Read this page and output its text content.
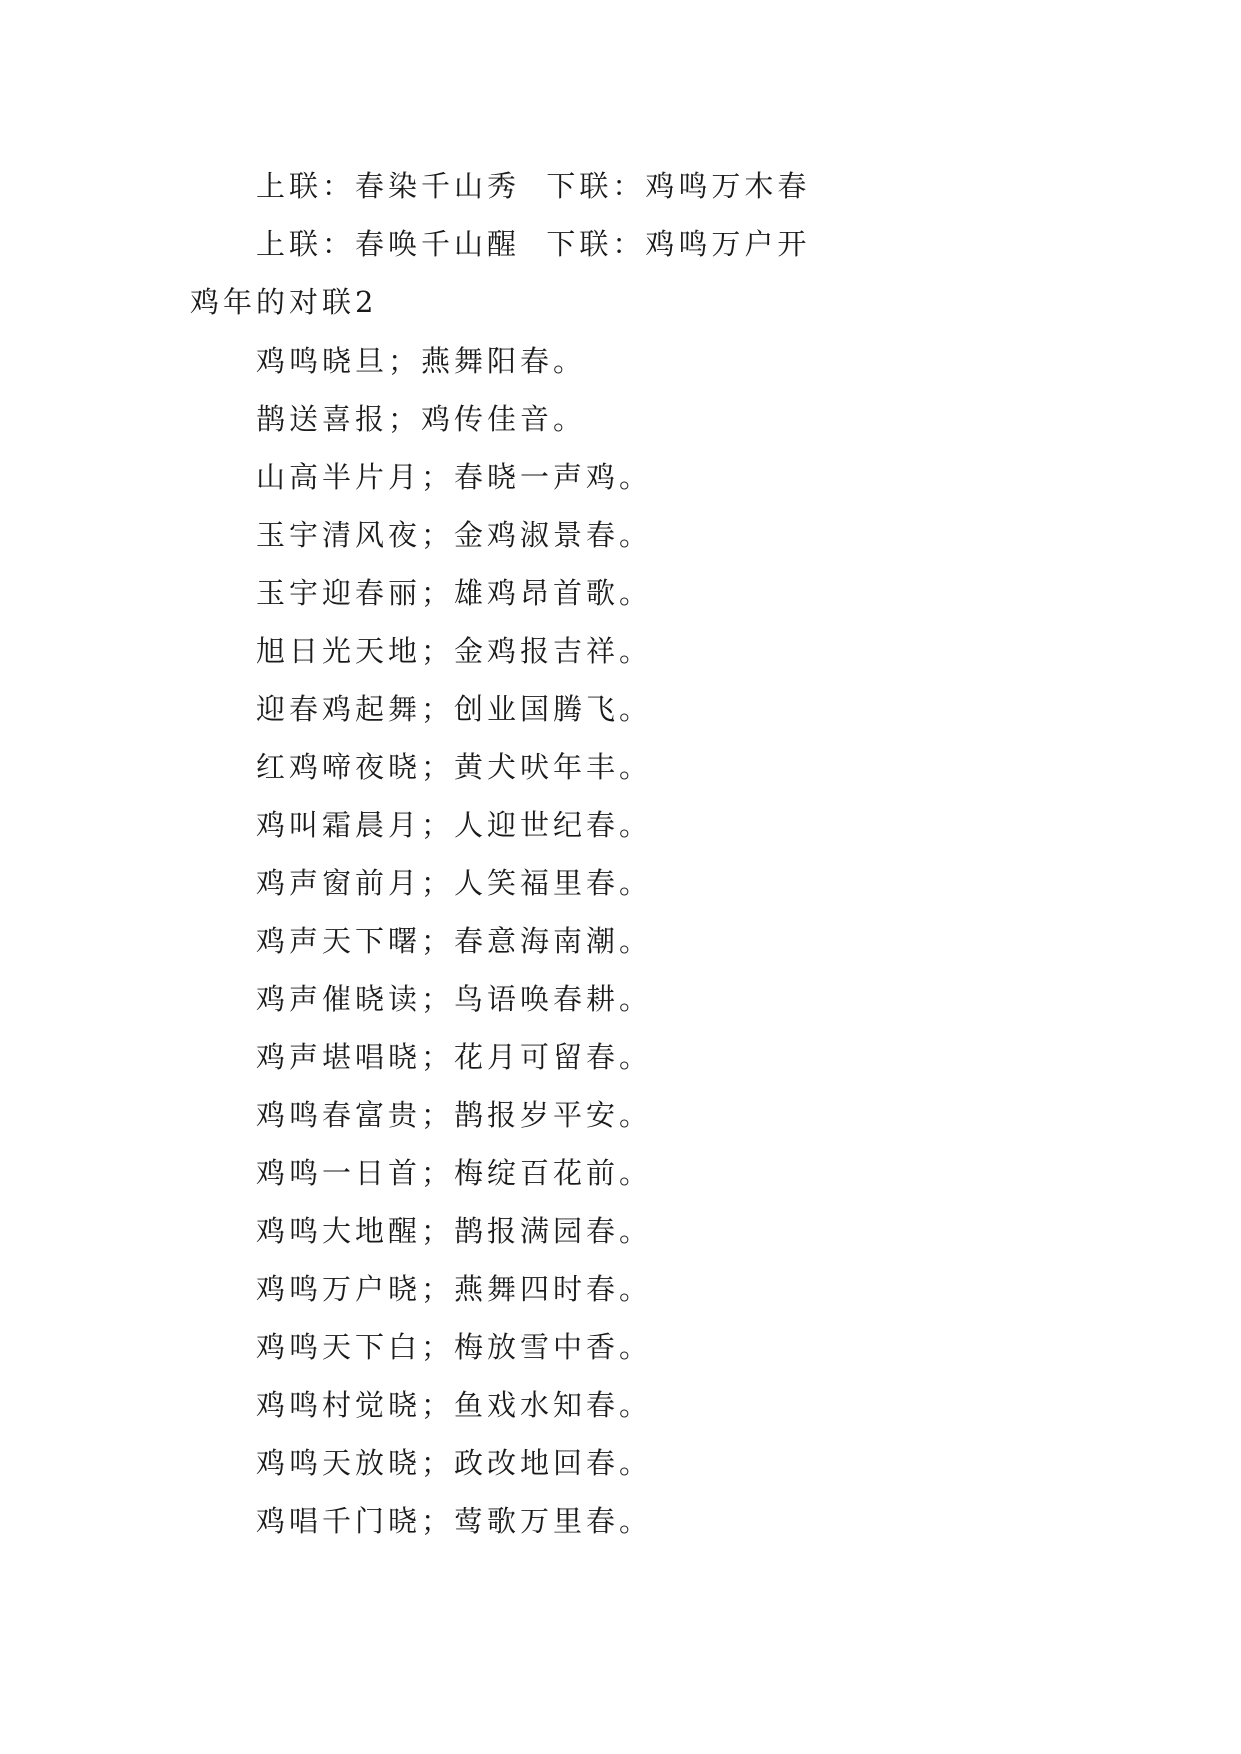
上联：春染千山秀  下联：鸡鸣万木春
上联：春唤千山醒  下联：鸡鸣万户开
鸡年的对联2
鸡鸣晓旦；燕舞阳春。
鹊送喜报；鸡传佳音。
山高半片月；春晓一声鸡。
玉宇清风夜；金鸡淑景春。
玉宇迎春丽；雄鸡昂首歌。
旭日光天地；金鸡报吉祥。
迎春鸡起舞；创业国腾飞。
红鸡啼夜晓；黄犬吠年丰。
鸡叫霜晨月；人迎世纪春。
鸡声窗前月；人笑福里春。
鸡声天下曙；春意海南潮。
鸡声催晓读；鸟语唤春耕。
鸡声堪唱晓；花月可留春。
鸡鸣春富贵；鹊报岁平安。
鸡鸣一日首；梅绽百花前。
鸡鸣大地醒；鹊报满园春。
鸡鸣万户晓；燕舞四时春。
鸡鸣天下白；梅放雪中香。
鸡鸣村觉晓；鱼戏水知春。
鸡鸣天放晓；政改地回春。
鸡唱千门晓；莺歌万里春。
